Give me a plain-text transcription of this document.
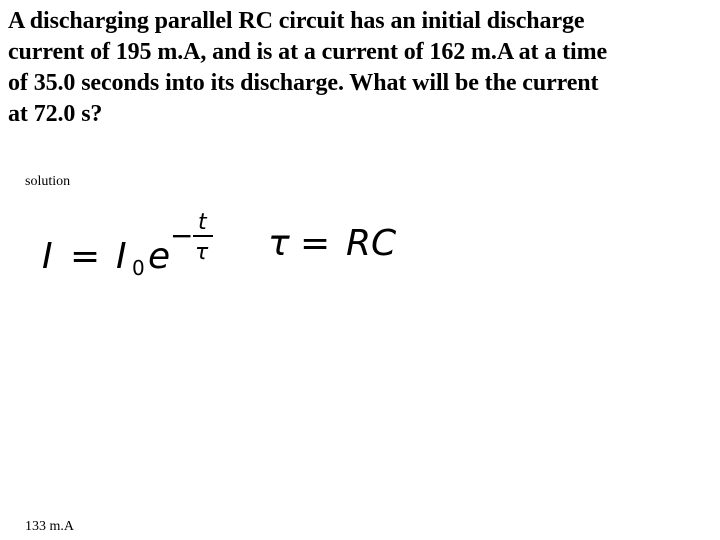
A discharging parallel RC circuit has an initial discharge
current of 195 m.A, and is at a current of 162 m.A at a time
of 35.0 seconds into its discharge. What will be the current
at 72.0 s?
solution
I = I 0 e
− t
τ τ = RC
133 m.A
